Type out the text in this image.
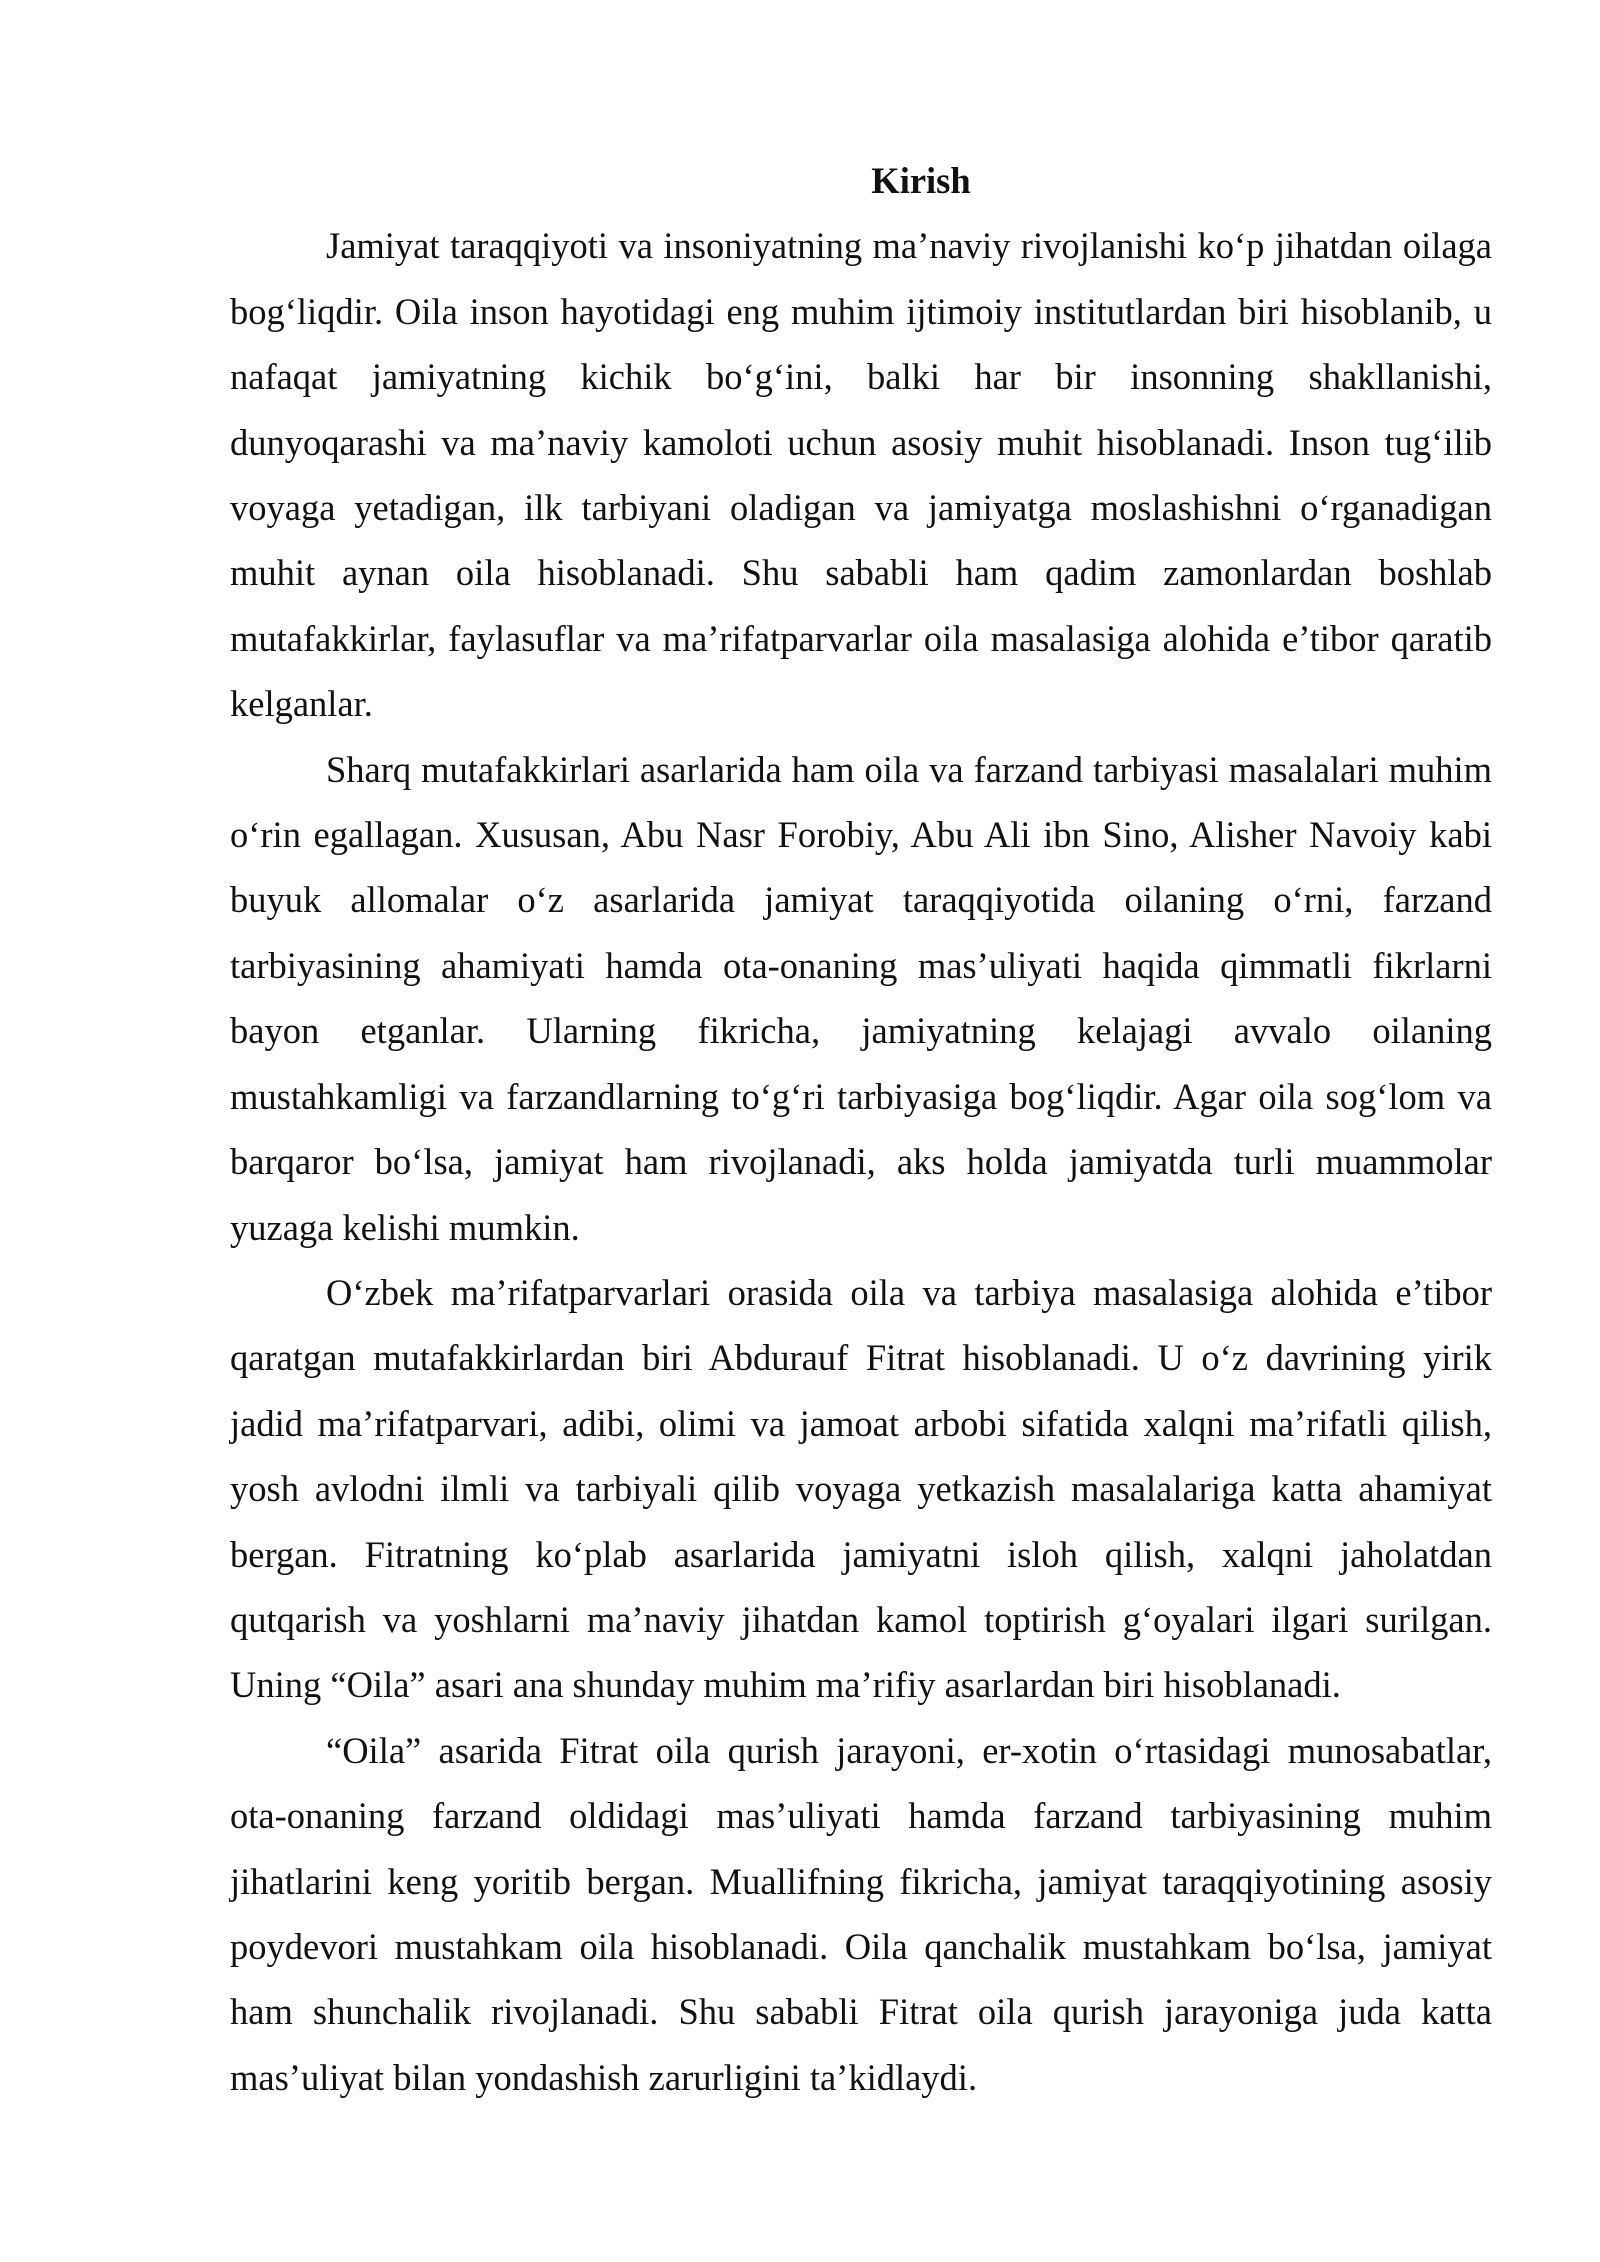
Kirish

Jamiyat taraqqiyoti va insoniyatning ma’naviy rivojlanishi ko‘p jihatdan oilaga bog‘liqdir. Oila inson hayotidagi eng muhim ijtimoiy institutlardan biri hisoblanib, u nafaqat jamiyatning kichik bo‘g‘ini, balki har bir insonning shakllanishi, dunyoqarashi va ma’naviy kamoloti uchun asosiy muhit hisoblanadi. Inson tug‘ilib voyaga yetadigan, ilk tarbiyani oladigan va jamiyatga moslashishni o‘rganadigan muhit aynan oila hisoblanadi. Shu sababli ham qadim zamonlardan boshlab mutafakkirlar, faylasuflar va ma’rifatparvarlar oila masalasiga alohida e’tibor qaratib kelganlar.

Sharq mutafakkirlari asarlarida ham oila va farzand tarbiyasi masalalari muhim o‘rin egallagan. Xususan, Abu Nasr Forobiy, Abu Ali ibn Sino, Alisher Navoiy kabi buyuk allomalar o‘z asarlarida jamiyat taraqqiyotida oilaning o‘rni, farzand tarbiyasining ahamiyati hamda ota-onaning mas’uliyati haqida qimmatli fikrlarni bayon etganlar. Ularning fikricha, jamiyatning kelajagi avvalo oilaning mustahkamligi va farzandlarning to‘g‘ri tarbiyasiga bog‘liqdir. Agar oila sog‘lom va barqaror bo‘lsa, jamiyat ham rivojlanadi, aks holda jamiyatda turli muammolar yuzaga kelishi mumkin.

O‘zbek ma’rifatparvarlari orasida oila va tarbiya masalasiga alohida e’tibor qaratgan mutafakkirlardan biri Abdurauf Fitrat hisoblanadi. U o‘z davrining yirik jadid ma’rifatparvari, adibi, olimi va jamoat arbobi sifatida xalqni ma’rifatli qilish, yosh avlodni ilmli va tarbiyali qilib voyaga yetkazish masalalariga katta ahamiyat bergan. Fitratning ko‘plab asarlarida jamiyatni isloh qilish, xalqni jaholatdan qutqarish va yoshlarni ma’naviy jihatdan kamol toptirish g‘oyalari ilgari surilgan. Uning “Oila” asari ana shunday muhim ma’rifiy asarlardan biri hisoblanadi.

“Oila” asarida Fitrat oila qurish jarayoni, er-xotin o‘rtasidagi munosabatlar, ota-onaning farzand oldidagi mas’uliyati hamda farzand tarbiyasining muhim jihatlarini keng yoritib bergan. Muallifning fikricha, jamiyat taraqqiyotining asosiy poydevori mustahkam oila hisoblanadi. Oila qanchalik mustahkam bo‘lsa, jamiyat ham shunchalik rivojlanadi. Shu sababli Fitrat oila qurish jarayoniga juda katta mas’uliyat bilan yondashish zarurligini ta’kidlaydi.
